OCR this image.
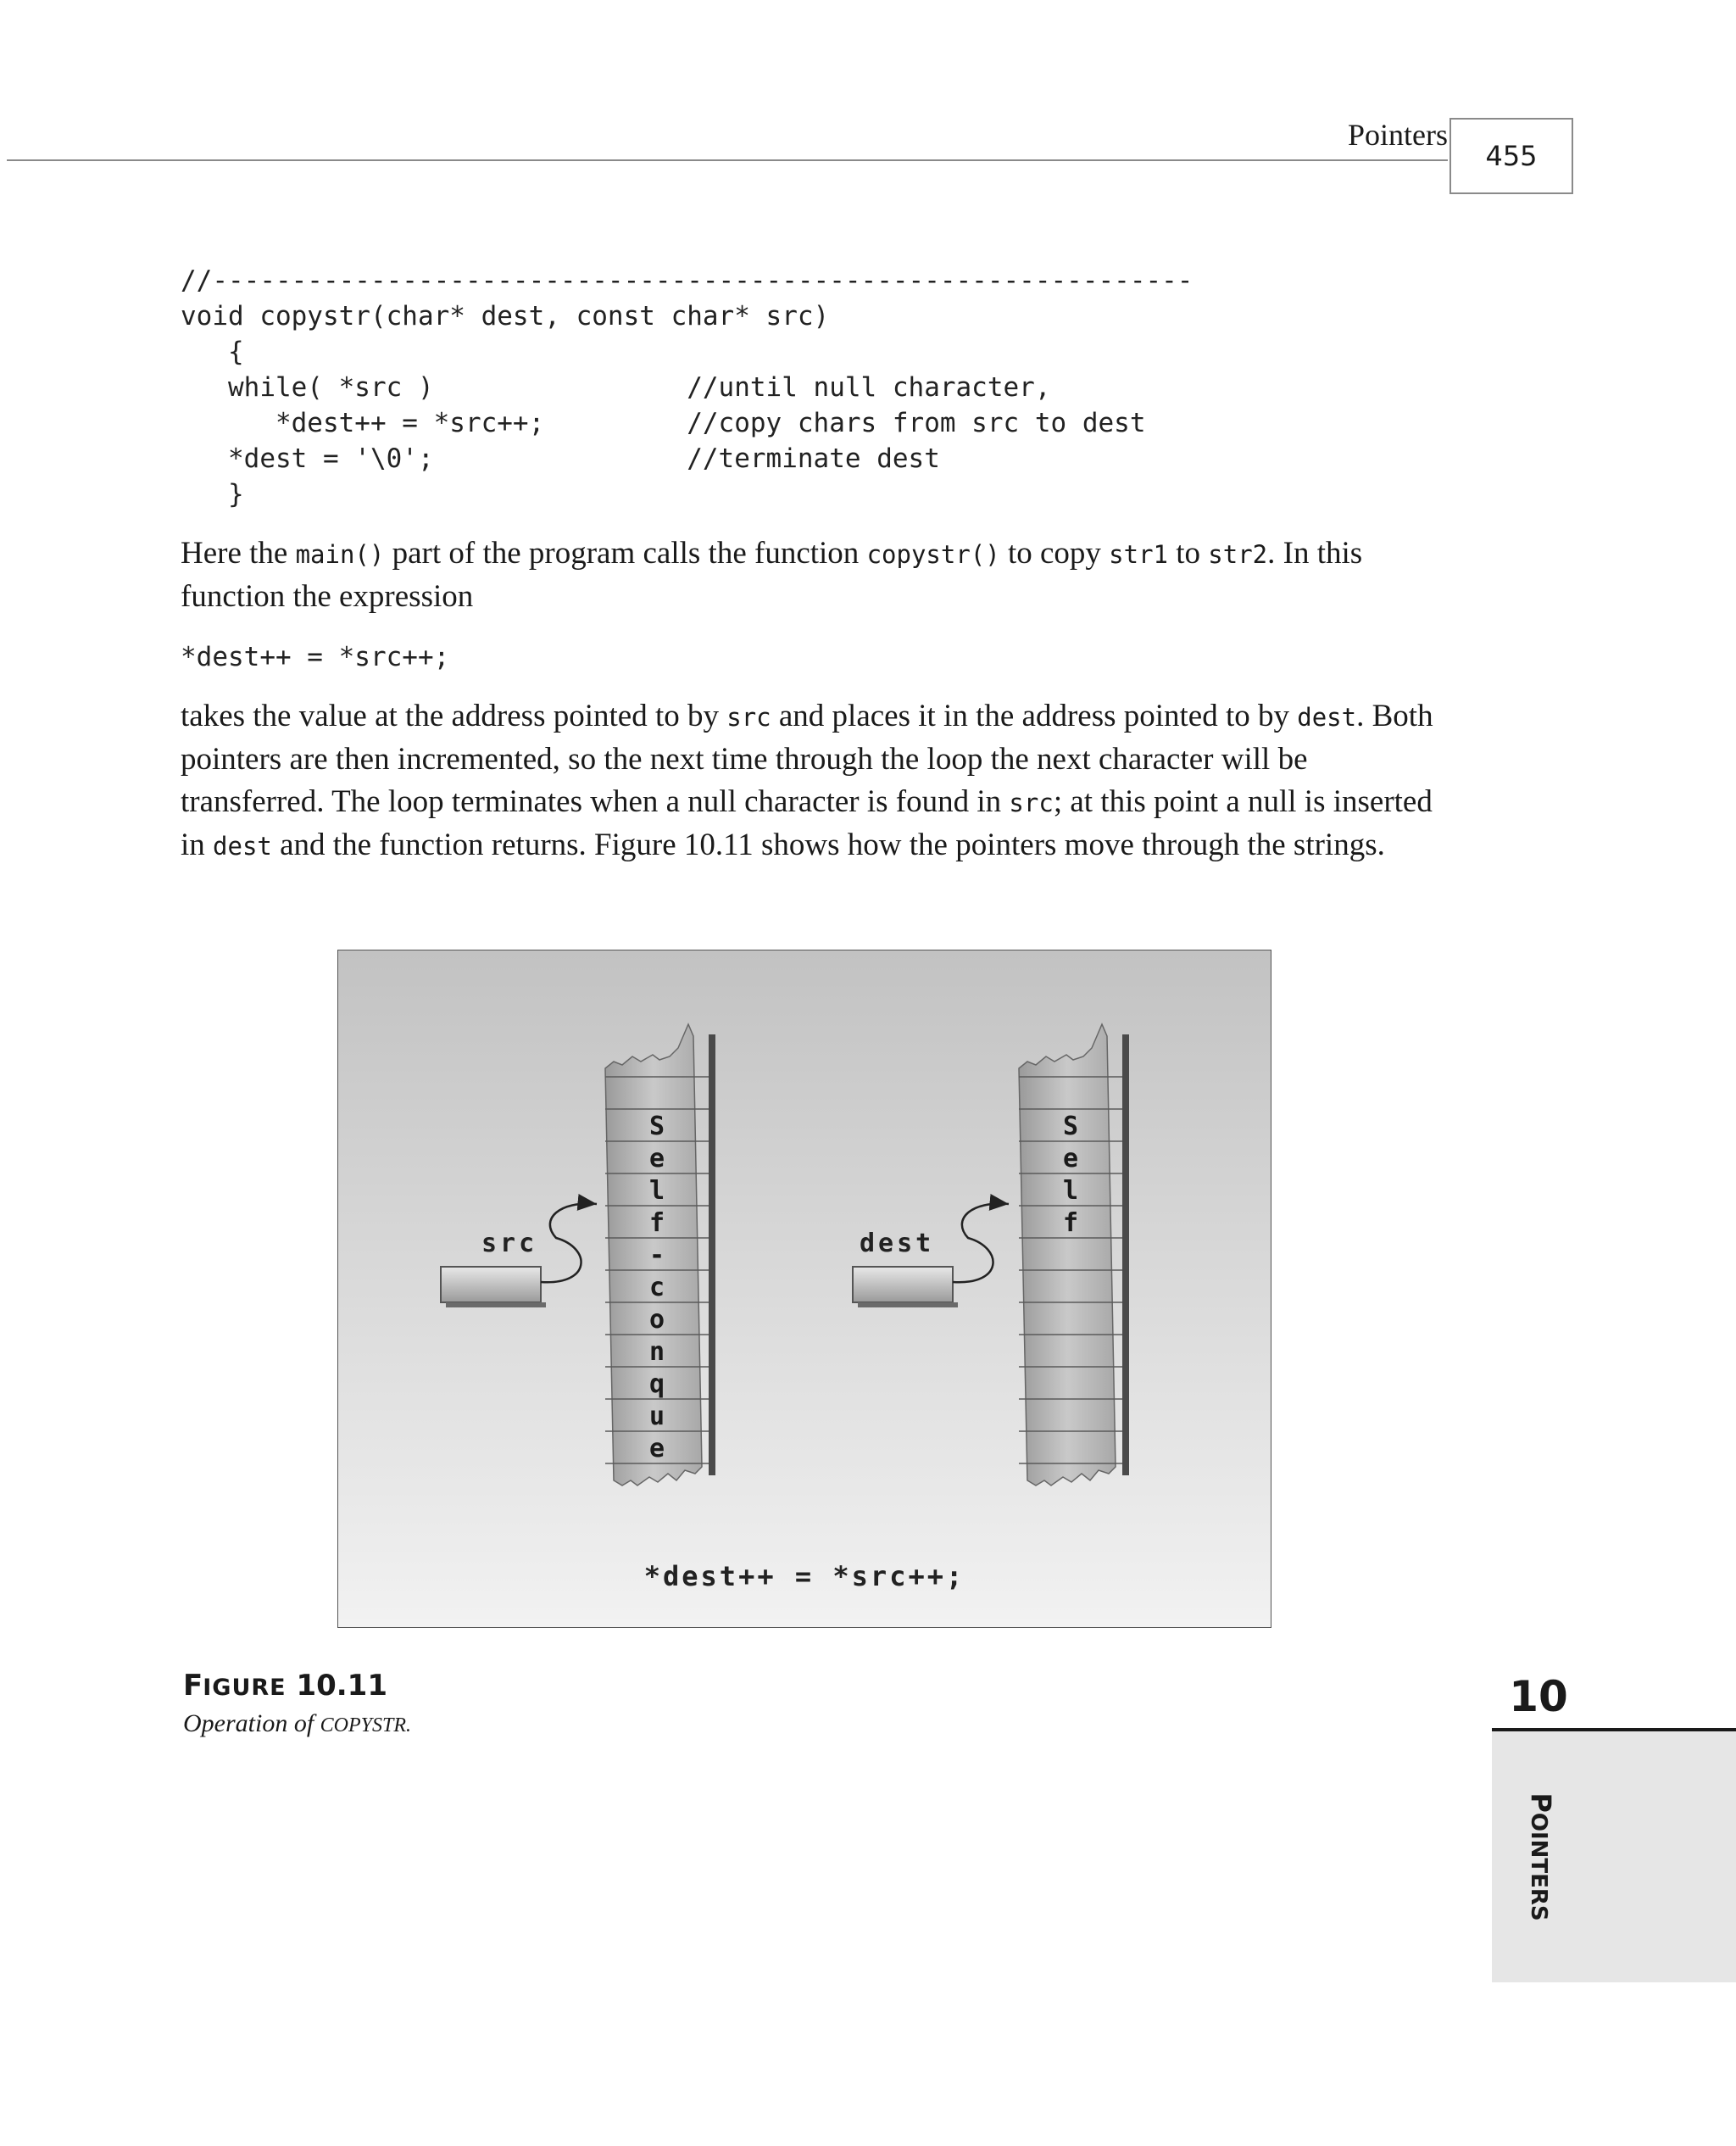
Pointers
455
//--------------------------------------------------------------
void copystr(char* dest, const char* src)
{
while( *src )                //until null character,
*dest++ = *src++;         //copy chars from src to dest
*dest = '\0';                //terminate dest
}

Here the main() part of the program calls the function copystr() to copy str1 to str2. In this function the expression

*dest++ = *src++;

takes the value at the address pointed to by src and places it in the address pointed to by dest. Both pointers are then incremented, so the next time through the loop the next character will be transferred. The loop terminates when a null character is found in src; at this point a null is inserted in dest and the function returns. Figure 10.11 shows how the pointers move through the strings.

S
e
l
f
-
c
o
n
q
u
e
S
e
l
f
src	dest
*dest++ = *src++;
FIGURE 10.11
Operation of COPYSTR.
10
POINTERS
